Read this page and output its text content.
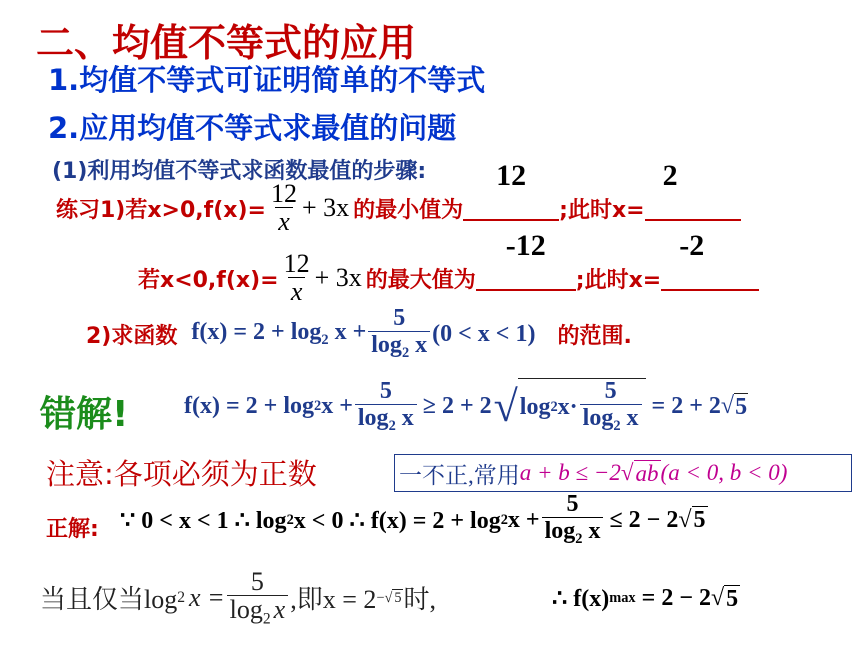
二、均值不等式的应用
1.均值不等式可证明简单的不等式
2.应用均值不等式求最值的问题
(1)利用均值不等式求函数最值的步骤:
练习1)若$x>0,f(x)= \frac{12}{x} + 3x$ 的最小值为
12
;此时x=
2
若$x<0,f(x)= \frac{12}{x} + 3x$ 的最大值为
-12
;此时x=
-2
2)求函数 $f(x) = 2 + \log_2 x + \frac{5}{\log_2 x} (0 < x < 1)$ 的范围.
错解! f(x) = 2 + log 2 $x + \frac{5}{\log_2 x} \ge 2 + 2$ √ log 2 $x\cdot \frac{5}{\log_2 x} = 2 + 2$ √ 5
注意:各项必须为正数	一不正,常用 a + b ≤ −2 √ ab (a < 0, b < 0)
正解: ∵ 0 < x < 1 ∴ log 2 x < 0 ∴ f(x) = 2 + log 2 $x + \frac{5}{\log_2 x} \le 2 - 2$ √ 5
当且仅当log 2 $x = \frac{5}{\log_2 x}$ ,即x = 2 −√ 5 时,	∴ f(x) max = 2 − 2 √ 5
